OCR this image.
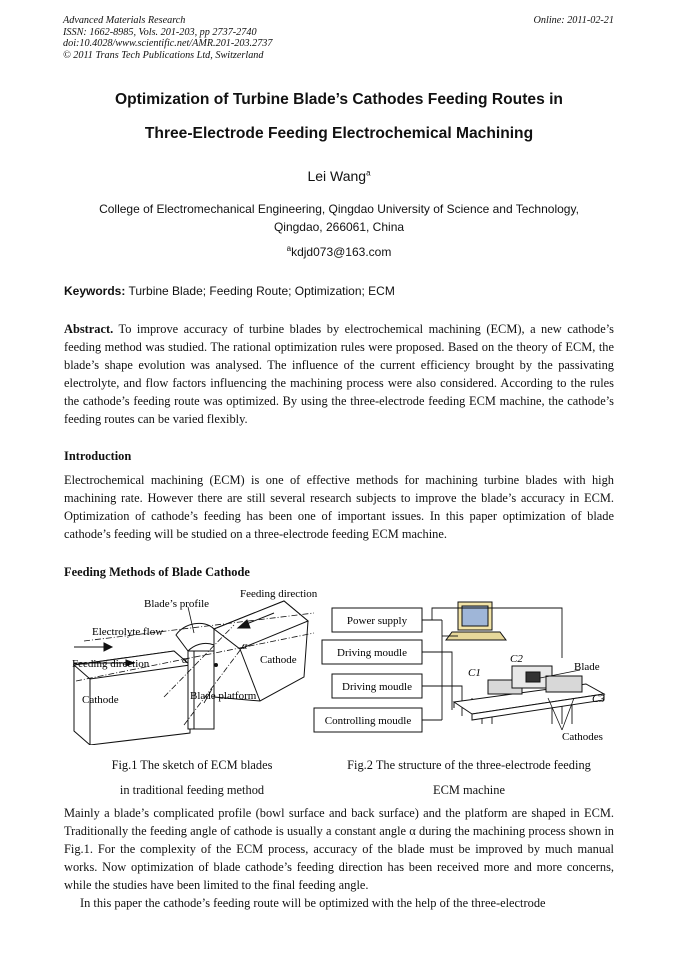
Advanced Materials Research
ISSN: 1662-8985, Vols. 201-203, pp 2737-2740
doi:10.4028/www.scientific.net/AMR.201-203.2737
© 2011 Trans Tech Publications Ltd, Switzerland
Online: 2011-02-21
Optimization of Turbine Blade’s Cathodes Feeding Routes in
Three-Electrode Feeding Electrochemical Machining
Lei Wang$^a$
College of Electromechanical Engineering, Qingdao University of Science and Technology,
Qingdao, 266061, China
$^a$kdjd073@163.com
Keywords: Turbine Blade; Feeding Route; Optimization; ECM
Abstract. To improve accuracy of turbine blades by electrochemical machining (ECM), a new cathode’s feeding method was studied. The rational optimization rules were proposed. Based on the theory of ECM, the blade’s shape evolution was analysed. The influence of the current efficiency brought by the passivating electrolyte, and flow factors influencing the machining process were also considered. According to the rules the cathode’s feeding route was optimized. By using the three-electrode feeding ECM machine, the cathode’s feeding routes can be varied flexibly.
Introduction
Electrochemical machining (ECM) is one of effective methods for machining turbine blades with high machining rate. However there are still several research subjects to improve the blade’s accuracy in ECM. Optimization of cathode’s feeding has been one of important issues. In this paper optimization of blade cathode’s feeding will be studied on a three-electrode feeding ECM machine.
Feeding Methods of Blade Cathode
Blade’s profile
Feeding direction
Electrolyte flow
Feeding direction
Cathode
Cathode
Blade platform
α
α
Power supply
Driving moudle
Driving moudle
Controlling moudle
C1
C2
C3
Blade
Cathodes
Fig.1 The sketch of ECM blades
in traditional feeding method
Fig.2 The structure of the three-electrode feeding
ECM machine
Mainly a blade’s complicated profile (bowl surface and back surface) and the platform are shaped in ECM. Traditionally the feeding angle of cathode is usually a constant angle α during the machining process shown in Fig.1. For the complexity of the ECM process, accuracy of the blade must be improved by much manual works. Now optimization of blade cathode’s feeding direction has been received more and more concerns, while the studies have been limited to the final feeding angle.
In this paper the cathode’s feeding route will be optimized with the help of the three-electrode
